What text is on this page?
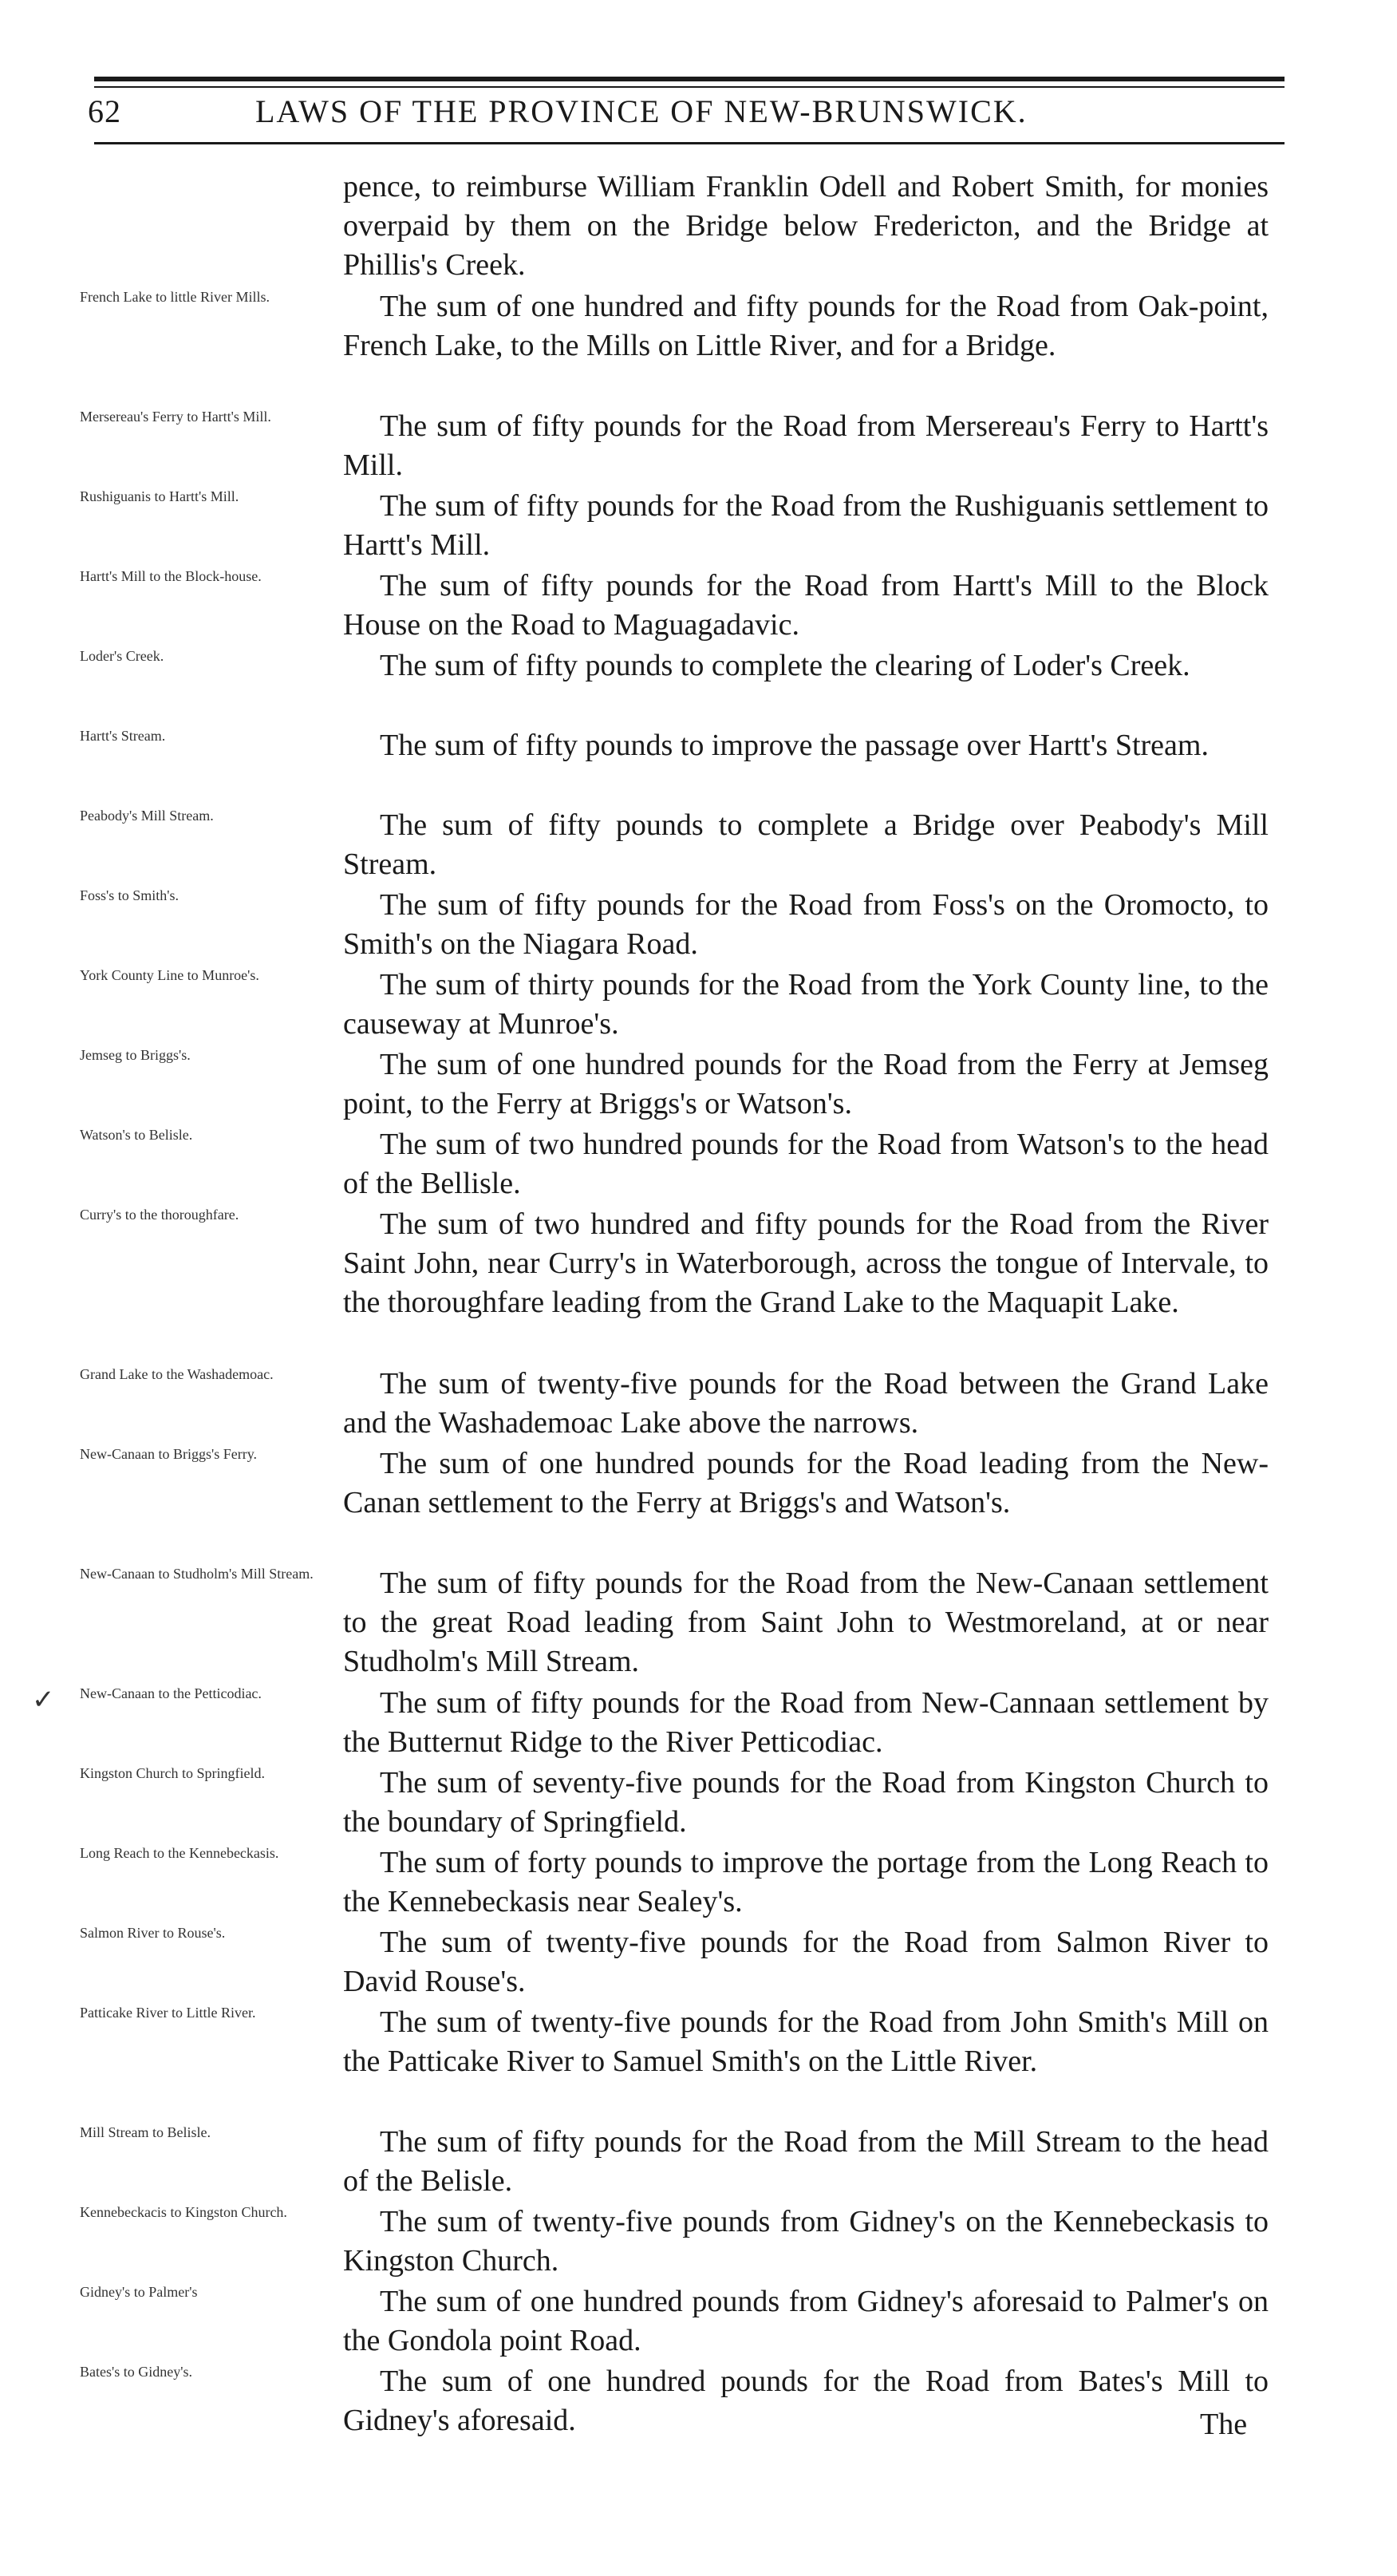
62	LAWS OF THE PROVINCE OF NEW-BRUNSWICK.
pence, to reimburse William Franklin Odell and Robert Smith, for monies overpaid by them on the Bridge below Fredericton, and the Bridge at Phillis's Creek.
French Lake to little River Mills.	The sum of one hundred and fifty pounds for the Road from Oak-point, French Lake, to the Mills on Little River, and for a Bridge.
Mersereau's Ferry to Hartt's Mill.	The sum of fifty pounds for the Road from Mersereau's Ferry to Hartt's Mill.
Rushiguanis to Hartt's Mill.	The sum of fifty pounds for the Road from the Rushiguanis settlement to Hartt's Mill.
Hartt's Mill to the Block-house.	The sum of fifty pounds for the Road from Hartt's Mill to the Block House on the Road to Maguagadavic.
Loder's Creek.	The sum of fifty pounds to complete the clearing of Loder's Creek.
Hartt's Stream.	The sum of fifty pounds to improve the passage over Hartt's Stream.
Peabody's Mill Stream.	The sum of fifty pounds to complete a Bridge over Peabody's Mill Stream.
Foss's to Smith's.	The sum of fifty pounds for the Road from Foss's on the Oromocto, to Smith's on the Niagara Road.
York County Line to Munroe's.	The sum of thirty pounds for the Road from the York County line, to the causeway at Munroe's.
Jemseg to Briggs's.	The sum of one hundred pounds for the Road from the Ferry at Jemseg point, to the Ferry at Briggs's or Watson's.
Watson's to Belisle.	The sum of two hundred pounds for the Road from Watson's to the head of the Bellisle.
Curry's to the thoroughfare.	The sum of two hundred and fifty pounds for the Road from the River Saint John, near Curry's in Waterborough, across the tongue of Intervale, to the thoroughfare leading from the Grand Lake to the Maquapit Lake.
Grand Lake to the Washademoac.	The sum of twenty-five pounds for the Road between the Grand Lake and the Washademoac Lake above the narrows.
New-Canaan to Briggs's Ferry.	The sum of one hundred pounds for the Road leading from the New-Canan settlement to the Ferry at Briggs's and Watson's.
New-Canaan to Studholm's Mill Stream.	The sum of fifty pounds for the Road from the New-Canaan settlement to the great Road leading from Saint John to Westmoreland, at or near Studholm's Mill Stream.
New-Canaan to the Petticodiac.	The sum of fifty pounds for the Road from New-Cannaan settlement by the Butternut Ridge to the River Petticodiac.
Kingston Church to Springfield.	The sum of seventy-five pounds for the Road from Kingston Church to the boundary of Springfield.
Long Reach to the Kennebeckasis.	The sum of forty pounds to improve the portage from the Long Reach to the Kennebeckasis near Sealey's.
Salmon River to Rouse's.	The sum of twenty-five pounds for the Road from Salmon River to David Rouse's.
Patticake River to Little River.	The sum of twenty-five pounds for the Road from John Smith's Mill on the Patticake River to Samuel Smith's on the Little River.
Mill Stream to Belisle.	The sum of fifty pounds for the Road from the Mill Stream to the head of the Belisle.
Kennebeckacis to Kingston Church.	The sum of twenty-five pounds from Gidney's on the Kennebeckasis to Kingston Church.
Gidney's to Palmer's	The sum of one hundred pounds from Gidney's aforesaid to Palmer's on the Gondola point Road.
Bates's to Gidney's.	The sum of one hundred pounds for the Road from Bates's Mill to Gidney's aforesaid.
✓
The
